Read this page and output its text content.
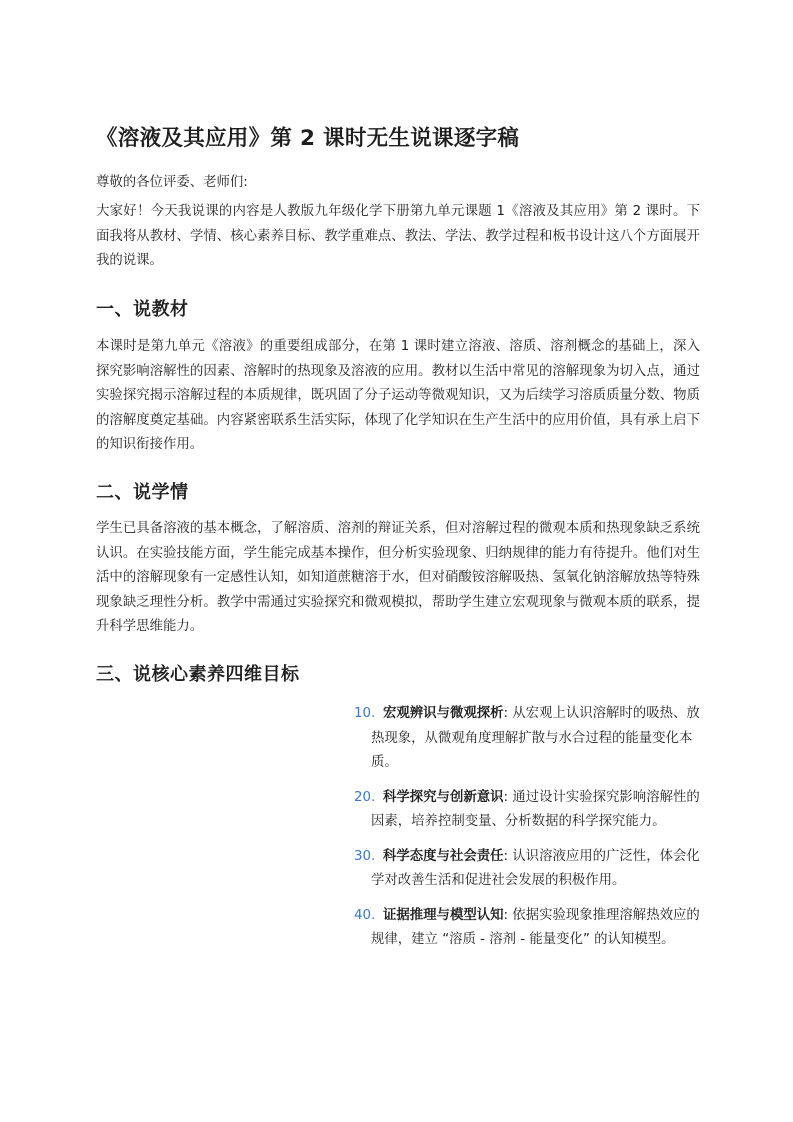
《溶液及其应用》第 2 课时无生说课逐字稿

尊敬的各位评委、老师们:

大家好！今天我说课的内容是人教版九年级化学下册第九单元课题 1《溶液及其应用》第 2 课时。下面我将从教材、学情、核心素养目标、教学重难点、教法、学法、教学过程和板书设计这八个方面展开我的说课。

一、说教材

本课时是第九单元《溶液》的重要组成部分，在第 1 课时建立溶液、溶质、溶剂概念的基础上，深入探究影响溶解性的因素、溶解时的热现象及溶液的应用。教材以生活中常见的溶解现象为切入点，通过实验探究揭示溶解过程的本质规律，既巩固了分子运动等微观知识，又为后续学习溶质质量分数、物质的溶解度奠定基础。内容紧密联系生活实际，体现了化学知识在生产生活中的应用价值，具有承上启下的知识衔接作用。

二、说学情

学生已具备溶液的基本概念，了解溶质、溶剂的辩证关系，但对溶解过程的微观本质和热现象缺乏系统认识。在实验技能方面，学生能完成基本操作，但分析实验现象、归纳规律的能力有待提升。他们对生活中的溶解现象有一定感性认知，如知道蔗糖溶于水，但对硝酸铵溶解吸热、氢氧化钠溶解放热等特殊现象缺乏理性分析。教学中需通过实验探究和微观模拟，帮助学生建立宏观现象与微观本质的联系，提升科学思维能力。

三、说核心素养四维目标
10. 宏观辨识与微观探析: 从宏观上认识溶解时的吸热、放热现象，从微观角度理解扩散与水合过程的能量变化本质。
20. 科学探究与创新意识: 通过设计实验探究影响溶解性的因素，培养控制变量、分析数据的科学探究能力。
30. 科学态度与社会责任: 认识溶液应用的广泛性，体会化学对改善生活和促进社会发展的积极作用。
40. 证据推理与模型认知: 依据实验现象推理溶解热效应的规律，建立 “溶质 - 溶剂 - 能量变化” 的认知模型。
